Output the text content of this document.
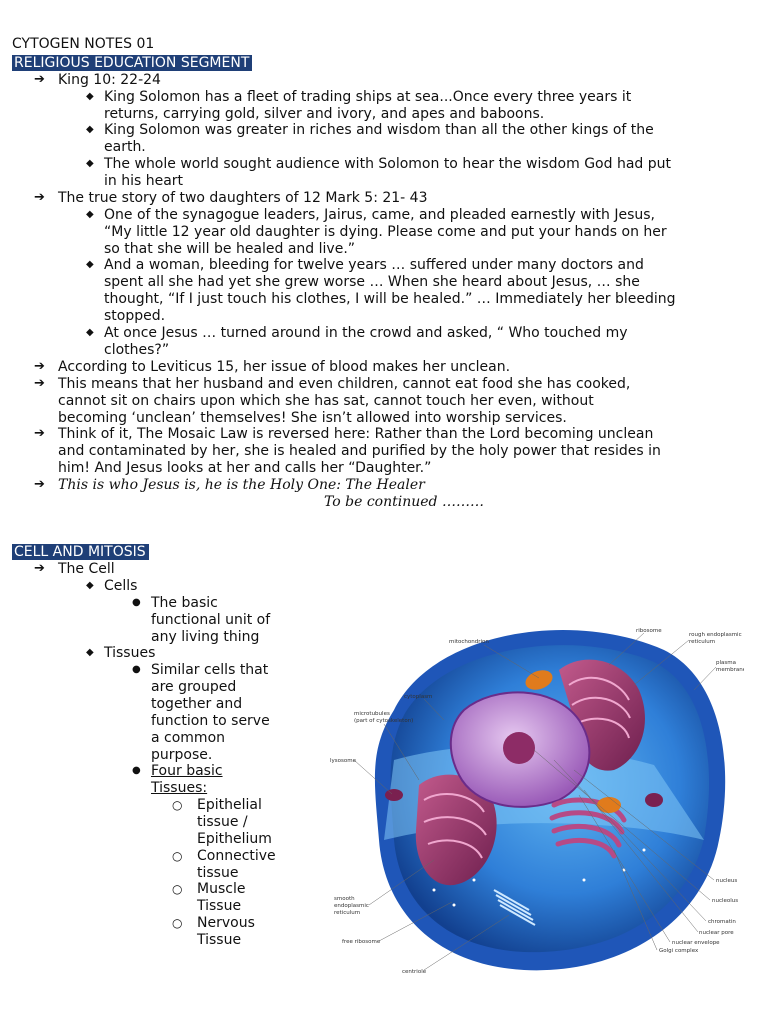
CYTOGEN NOTES 01
RELIGIOUS EDUCATION SEGMENT
➔ King 10: 22-24
◆ King Solomon has a fleet of trading ships at sea...Once every three years it
returns, carrying gold, silver and ivory, and apes and baboons.
◆ King Solomon was greater in riches and wisdom than all the other kings of the
earth.
◆ The whole world sought audience with Solomon to hear the wisdom God had put
in his heart
➔ The true story of two daughters of 12 Mark 5: 21- 43
◆ One of the synagogue leaders, Jairus, came, and pleaded earnestly with Jesus,
“My little 12 year old daughter is dying. Please come and put your hands on her
so that she will be healed and live.”
◆ And a woman, bleeding for twelve years … suffered under many doctors and
spent all she had yet she grew worse … When she heard about Jesus, … she
thought, “If I just touch his clothes, I will be healed.” … Immediately her bleeding
stopped.
◆ At once Jesus … turned around in the crowd and asked, “ Who touched my
clothes?”
➔ According to Leviticus 15, her issue of blood makes her unclean.
➔ This means that her husband and even children, cannot eat food she has cooked,
cannot sit on chairs upon which she has sat, cannot touch her even, without
becoming ‘unclean’ themselves! She isn’t allowed into worship services.
➔ Think of it, The Mosaic Law is reversed here: Rather than the Lord becoming unclean
and contaminated by her, she is healed and purified by the holy power that resides in
him! And Jesus looks at her and calls her “Daughter.”
➔ This is who Jesus is, he is the Holy One: The Healer
To be continued ………
CELL AND MITOSIS
➔ The Cell
◆ Cells
● The basic
functional unit of
any living thing
◆ Tissues
● Similar cells that
are grouped
together and
function to serve
a common
purpose.
● Four basic
Tissues:
○ Epithelial
tissue /
Epithelium
○ Connective
tissue
○ Muscle
Tissue
○ Nervous
Tissue
ribosome
rough endoplasmic
reticulum
plasma
membrane
mitochondrion
cytoplasm
microtubules
(part of cytoskeleton)
lysosome
nucleus
nucleolus
chromatin
nuclear pore
nuclear envelope
Golgi complex
smooth
endoplasmic
reticulum
free ribosome
centriole
